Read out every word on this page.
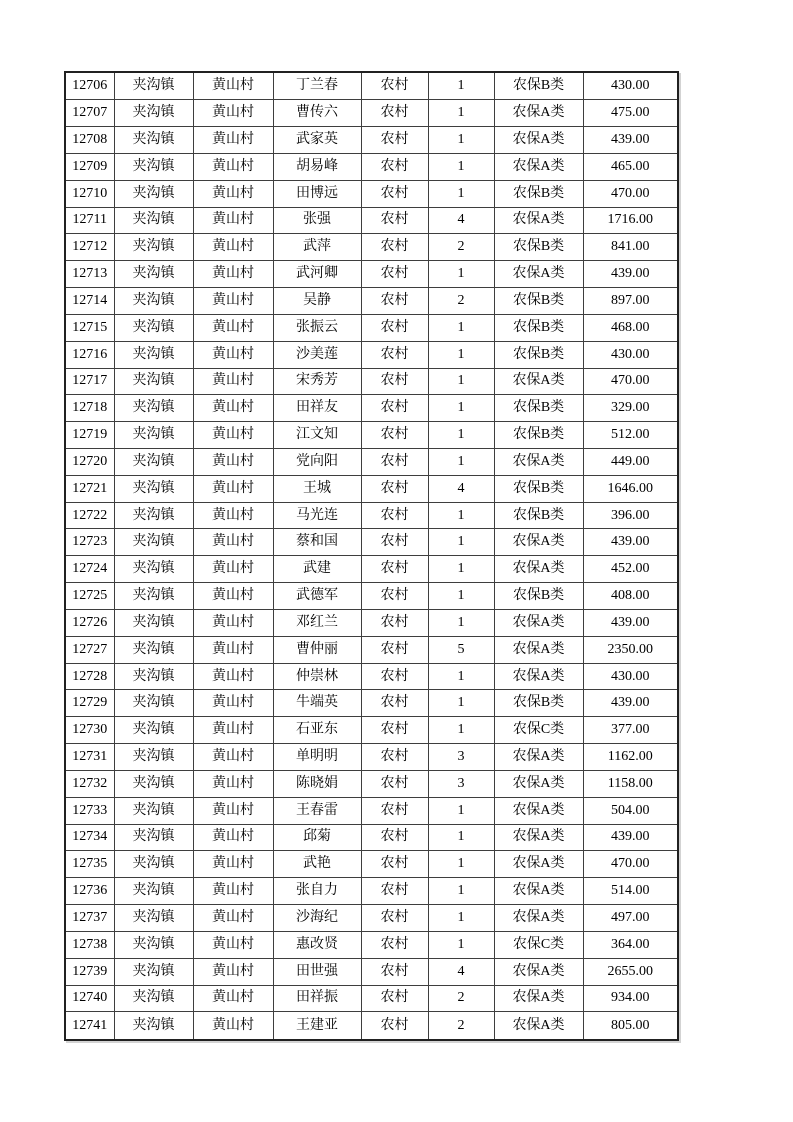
12706	夹沟镇	黄山村	丁兰春	农村	1	农保B类	430.00
12707	夹沟镇	黄山村	曹传六	农村	1	农保A类	475.00
12708	夹沟镇	黄山村	武家英	农村	1	农保A类	439.00
12709	夹沟镇	黄山村	胡易峰	农村	1	农保A类	465.00
12710	夹沟镇	黄山村	田博远	农村	1	农保B类	470.00
12711	夹沟镇	黄山村	张强	农村	4	农保A类	1716.00
12712	夹沟镇	黄山村	武萍	农村	2	农保B类	841.00
12713	夹沟镇	黄山村	武河卿	农村	1	农保A类	439.00
12714	夹沟镇	黄山村	吴静	农村	2	农保B类	897.00
12715	夹沟镇	黄山村	张振云	农村	1	农保B类	468.00
12716	夹沟镇	黄山村	沙美莲	农村	1	农保B类	430.00
12717	夹沟镇	黄山村	宋秀芳	农村	1	农保A类	470.00
12718	夹沟镇	黄山村	田祥友	农村	1	农保B类	329.00
12719	夹沟镇	黄山村	江文知	农村	1	农保B类	512.00
12720	夹沟镇	黄山村	党向阳	农村	1	农保A类	449.00
12721	夹沟镇	黄山村	王城	农村	4	农保B类	1646.00
12722	夹沟镇	黄山村	马光连	农村	1	农保B类	396.00
12723	夹沟镇	黄山村	蔡和国	农村	1	农保A类	439.00
12724	夹沟镇	黄山村	武建	农村	1	农保A类	452.00
12725	夹沟镇	黄山村	武德军	农村	1	农保B类	408.00
12726	夹沟镇	黄山村	邓红兰	农村	1	农保A类	439.00
12727	夹沟镇	黄山村	曹仲丽	农村	5	农保A类	2350.00
12728	夹沟镇	黄山村	仲崇林	农村	1	农保A类	430.00
12729	夹沟镇	黄山村	牛端英	农村	1	农保B类	439.00
12730	夹沟镇	黄山村	石亚东	农村	1	农保C类	377.00
12731	夹沟镇	黄山村	单明明	农村	3	农保A类	1162.00
12732	夹沟镇	黄山村	陈晓娟	农村	3	农保A类	1158.00
12733	夹沟镇	黄山村	王春雷	农村	1	农保A类	504.00
12734	夹沟镇	黄山村	邱菊	农村	1	农保A类	439.00
12735	夹沟镇	黄山村	武艳	农村	1	农保A类	470.00
12736	夹沟镇	黄山村	张自力	农村	1	农保A类	514.00
12737	夹沟镇	黄山村	沙海纪	农村	1	农保A类	497.00
12738	夹沟镇	黄山村	惠改贤	农村	1	农保C类	364.00
12739	夹沟镇	黄山村	田世强	农村	4	农保A类	2655.00
12740	夹沟镇	黄山村	田祥振	农村	2	农保A类	934.00
12741	夹沟镇	黄山村	王建亚	农村	2	农保A类	805.00
